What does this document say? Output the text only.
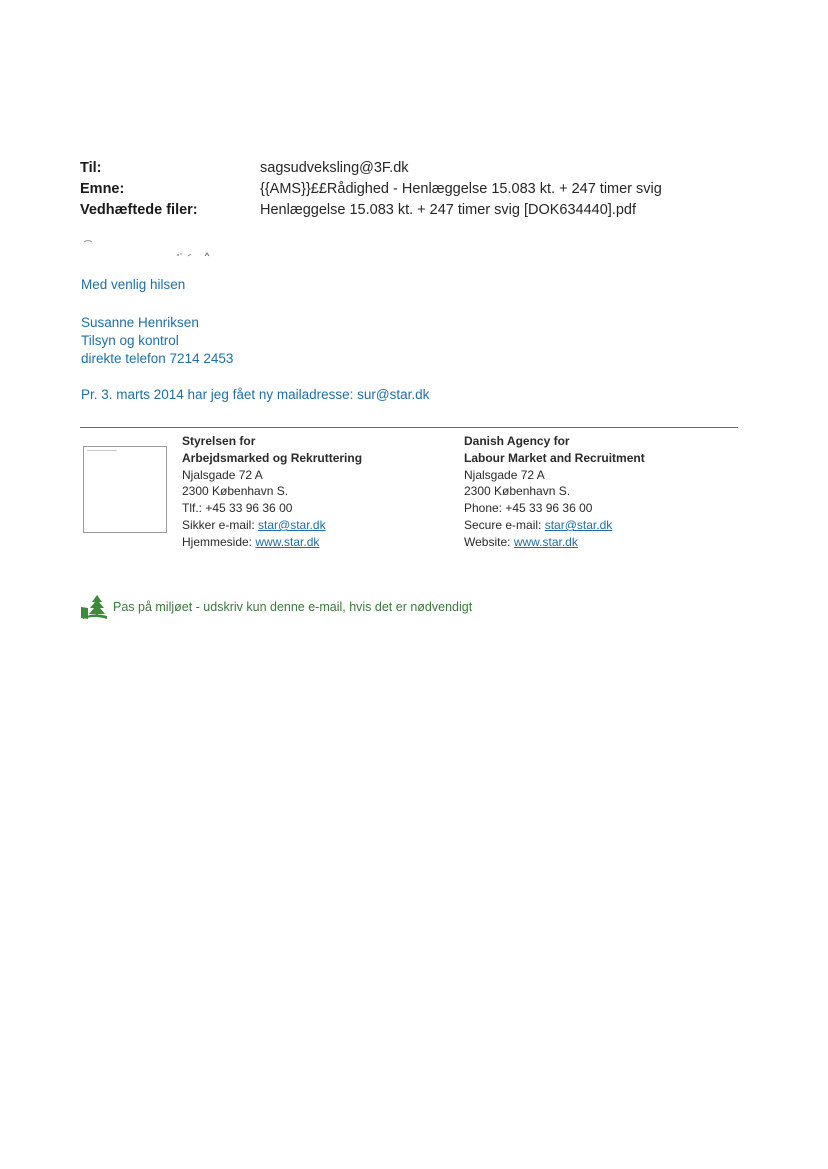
Til:	sagsudveksling@3F.dk
Emne:	{{AMS}}££Rådighed - Henlæggelse 15.083 kt. + 247 timer svig
Vedhæftede filer:	Henlæggelse 15.083 kt. + 247 timer svig [DOK634440].pdf
Med venlig hilsen
Susanne Henriksen
Tilsyn og kontrol
direkte telefon 7214 2453
Pr. 3. marts 2014 har jeg fået ny mailadresse: sur@star.dk
Styrelsen for
Arbejdsmarked og Rekruttering
Njalsgade 72 A
2300 København S.
Tlf.: +45 33 96 36 00
Sikker e-mail: star@star.dk
Hjemmeside: www.star.dk
Danish Agency for
Labour Market and Recruitment
Njalsgade 72 A
2300 København S.
Phone: +45 33 96 36 00
Secure e-mail: star@star.dk
Website: www.star.dk
Pas på miljøet - udskriv kun denne e-mail, hvis det er nødvendigt
